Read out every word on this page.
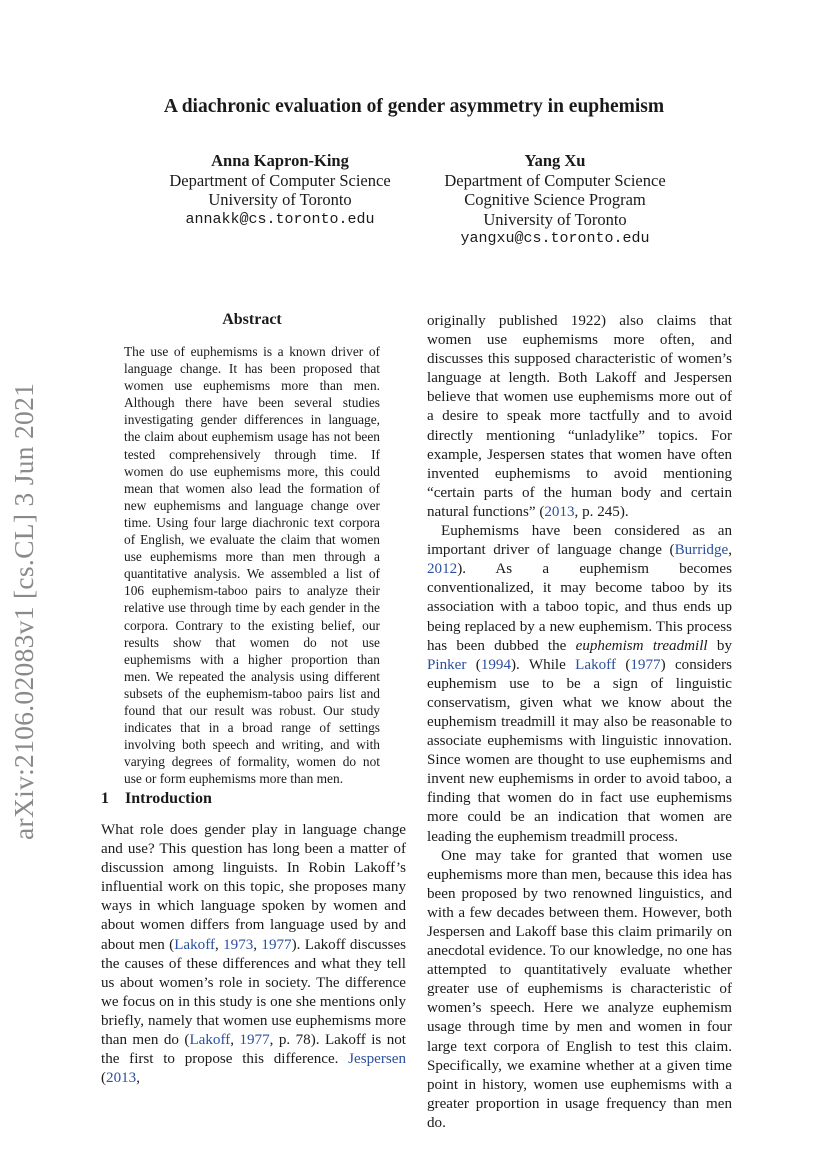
arXiv:2106.02083v1 [cs.CL] 3 Jun 2021
A diachronic evaluation of gender asymmetry in euphemism
Anna Kapron-King
Department of Computer Science
University of Toronto
annakk@cs.toronto.edu
Yang Xu
Department of Computer Science
Cognitive Science Program
University of Toronto
yangxu@cs.toronto.edu
Abstract

The use of euphemisms is a known driver of language change. It has been proposed that women use euphemisms more than men. Although there have been several studies investigating gender differences in language, the claim about euphemism usage has not been tested comprehensively through time. If women do use euphemisms more, this could mean that women also lead the formation of new euphemisms and language change over time. Using four large diachronic text corpora of English, we evaluate the claim that women use euphemisms more than men through a quantitative analysis. We assembled a list of 106 euphemism-taboo pairs to analyze their relative use through time by each gender in the corpora. Contrary to the existing belief, our results show that women do not use euphemisms with a higher proportion than men. We repeated the analysis using different subsets of the euphemism-taboo pairs list and found that our result was robust. Our study indicates that in a broad range of settings involving both speech and writing, and with varying degrees of formality, women do not use or form euphemisms more than men.

1 Introduction

What role does gender play in language change and use? This question has long been a matter of discussion among linguists. In Robin Lakoff’s influential work on this topic, she proposes many ways in which language spoken by women and about women differs from language used by and about men (Lakoff, 1973, 1977). Lakoff discusses the causes of these differences and what they tell us about women’s role in society. The difference we focus on in this study is one she mentions only briefly, namely that women use euphemisms more than men do (Lakoff, 1977, p. 78). Lakoff is not the first to propose this difference. Jespersen (2013,

originally published 1922) also claims that women use euphemisms more often, and discusses this supposed characteristic of women’s language at length. Both Lakoff and Jespersen believe that women use euphemisms more out of a desire to speak more tactfully and to avoid directly mentioning “unladylike” topics. For example, Jespersen states that women have often invented euphemisms to avoid mentioning “certain parts of the human body and certain natural functions” (2013, p. 245).

Euphemisms have been considered as an important driver of language change (Burridge, 2012). As a euphemism becomes conventionalized, it may become taboo by its association with a taboo topic, and thus ends up being replaced by a new euphemism. This process has been dubbed the euphemism treadmill by Pinker (1994). While Lakoff (1977) considers euphemism use to be a sign of linguistic conservatism, given what we know about the euphemism treadmill it may also be reasonable to associate euphemisms with linguistic innovation. Since women are thought to use euphemisms and invent new euphemisms in order to avoid taboo, a finding that women do in fact use euphemisms more could be an indication that women are leading the euphemism treadmill process.

One may take for granted that women use euphemisms more than men, because this idea has been proposed by two renowned linguistics, and with a few decades between them. However, both Jespersen and Lakoff base this claim primarily on anecdotal evidence. To our knowledge, no one has attempted to quantitatively evaluate whether greater use of euphemisms is characteristic of women’s speech. Here we analyze euphemism usage through time by men and women in four large text corpora of English to test this claim. Specifically, we examine whether at a given time point in history, women use euphemisms with a greater proportion in usage frequency than men do.
